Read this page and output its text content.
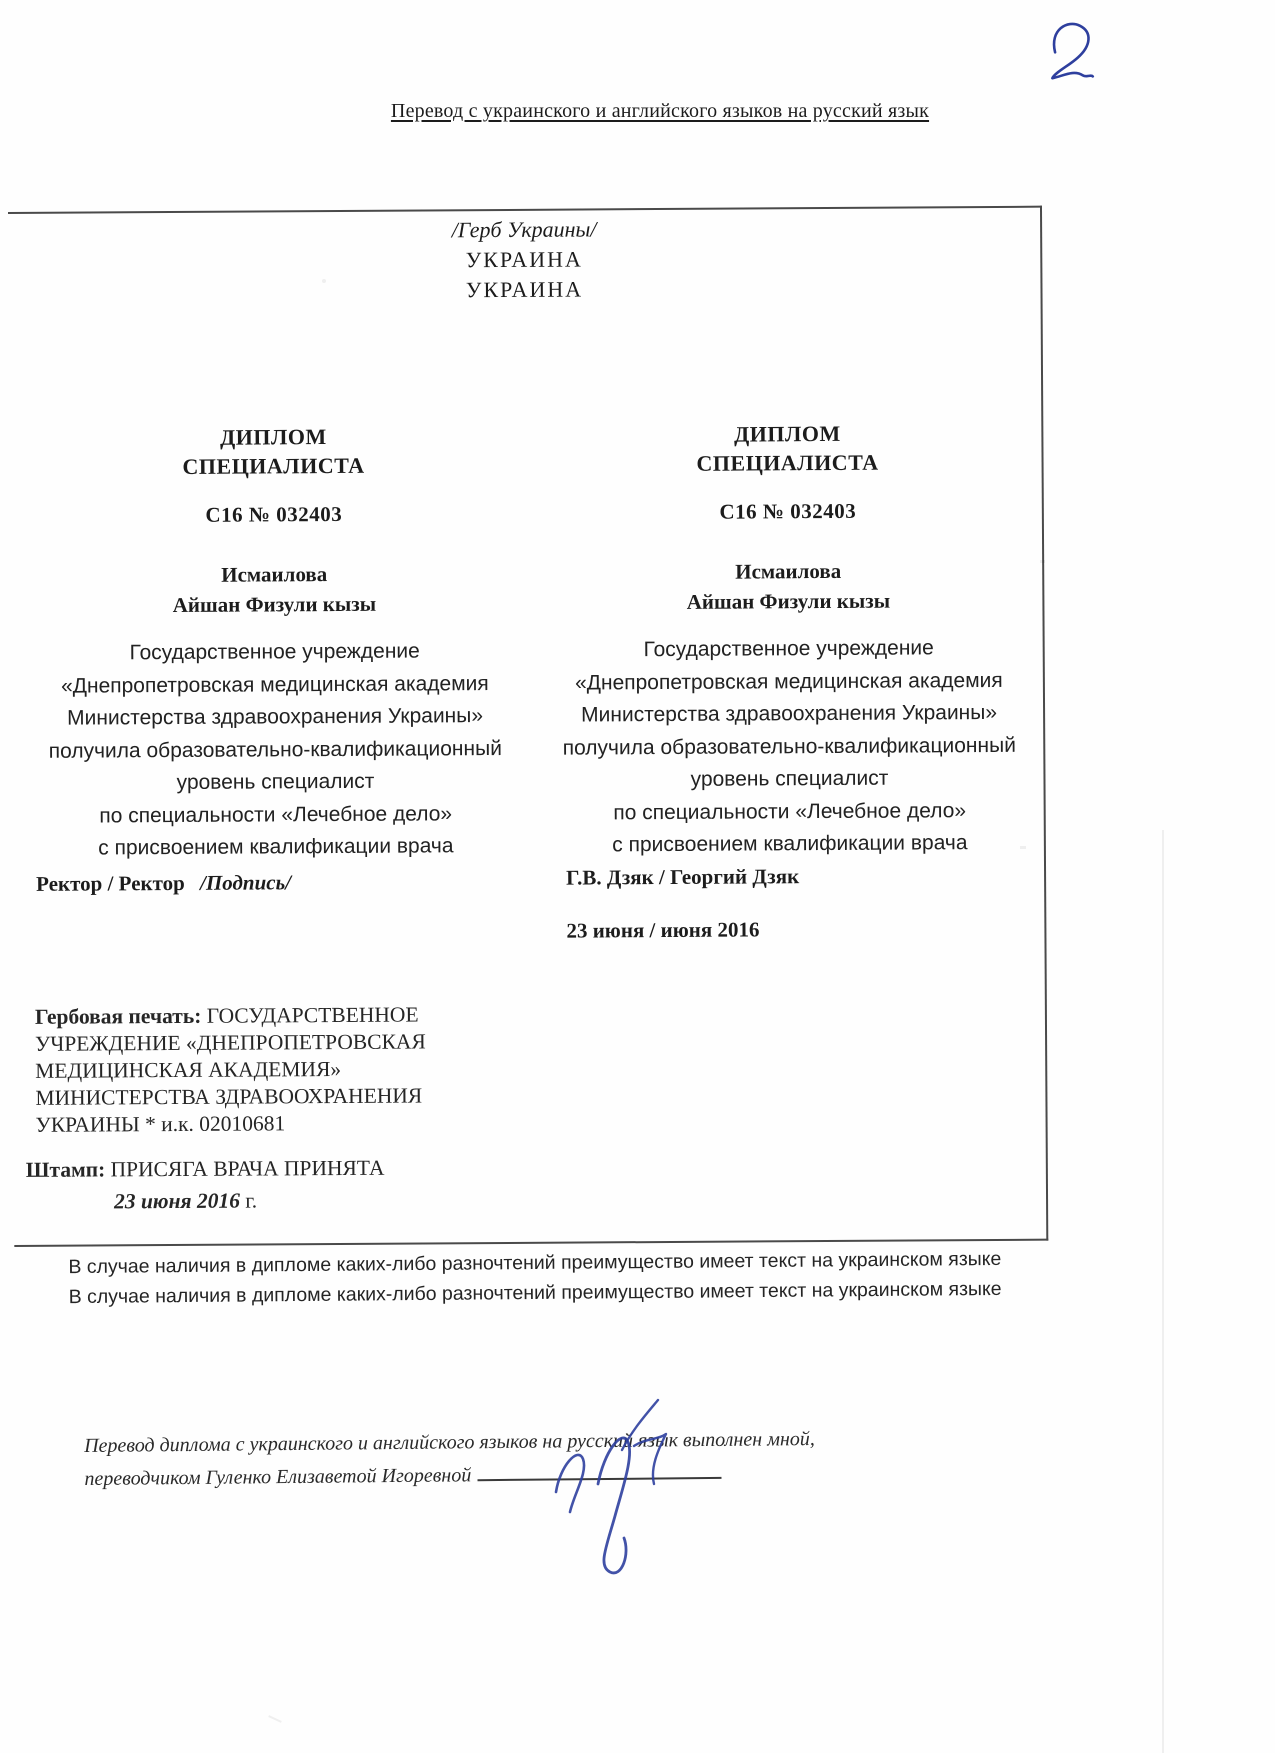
Перевод с украинского и английского языков на русский язык
/Герб Украины/
УКРАИНА
УКРАИНА
ДИПЛОМ
СПЕЦИАЛИСТА
С16 № 032403
Исмаилова
Айшан Физули кызы
Государственное учреждение
«Днепропетровская медицинская академия
Министерства здравоохранения Украины»
получила образовательно-квалификационный
уровень специалист
по специальности «Лечебное дело»
с присвоением квалификации врача
Ректор / Ректор /Подпись/
ДИПЛОМ
СПЕЦИАЛИСТА
С16 № 032403
Исмаилова
Айшан Физули кызы
Государственное учреждение
«Днепропетровская медицинская академия
Министерства здравоохранения Украины»
получила образовательно-квалификационный
уровень специалист
по специальности «Лечебное дело»
с присвоением квалификации врача
Г.В. Дзяк / Георгий Дзяк
23 июня / июня 2016
Гербовая печать: ГОСУДАРСТВЕННОЕ
УЧРЕЖДЕНИЕ «ДНЕПРОПЕТРОВСКАЯ
МЕДИЦИНСКАЯ АКАДЕМИЯ»
МИНИСТЕРСТВА ЗДРАВООХРАНЕНИЯ
УКРАИНЫ * и.к. 02010681
Штамп: ПРИСЯГА ВРАЧА ПРИНЯТА
23 июня 2016 г.
В случае наличия в дипломе каких-либо разночтений преимущество имеет текст на украинском языке
В случае наличия в дипломе каких-либо разночтений преимущество имеет текст на украинском языке
Перевод диплома с украинского и английского языков на русский язык выполнен мной,
переводчиком Гуленко Елизаветой Игоревной
